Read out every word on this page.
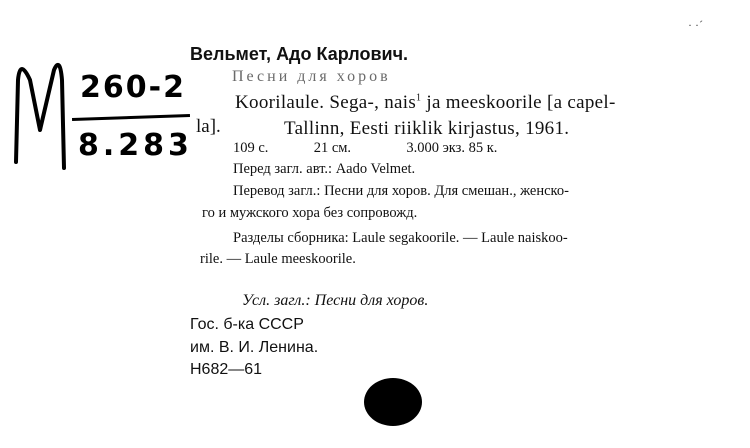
260-2
8.283
· ·´
Вельмет, Адо Карлович.
Песни для хоров
Koorilaule. Sega-, nais$^1$ ja meeskoorile [a capel-
la].	Tallinn, Eesti riiklik kirjastus, 1961.
109 с.	21 см.	3.000 экз. 85 к.
Перед загл. авт.: Aado Velmet.
Перевод загл.: Песни для хоров. Для смешан., женско-
го и мужского хора без сопровожд.
Разделы сборника: Laule segakoorile. — Laule naiskoo-
rile. — Laule meeskoorile.
Усл. загл.: Песни для хоров.
Гос. б-ка СССР
им. В. И. Ленина.
Н682—61
